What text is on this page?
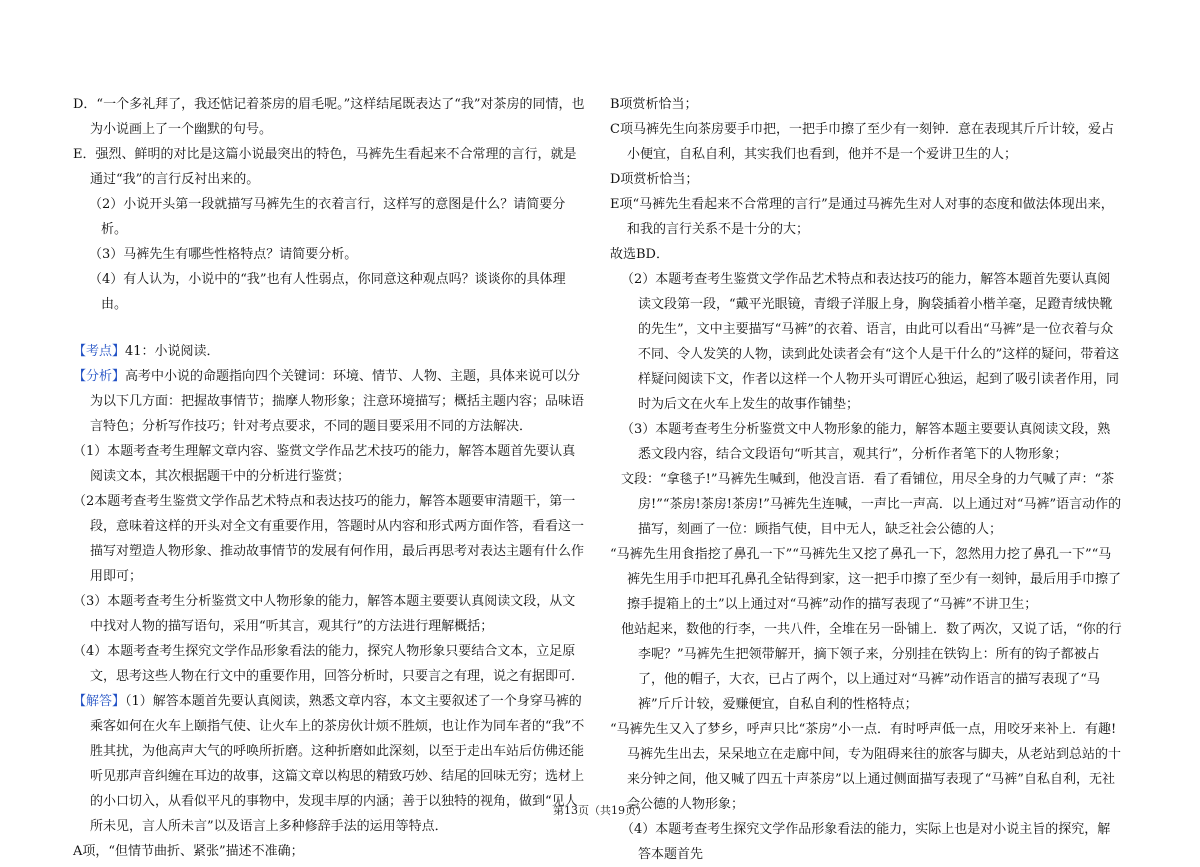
D．“一个多礼拜了，我还惦记着茶房的眉毛呢。”这样结尾既表达了“我”对茶房的同情，也为小说画上了一个幽默的句号。
E．强烈、鲜明的对比是这篇小说最突出的特色，马裤先生看起来不合常理的言行，就是通过“我”的言行反衬出来的。
（2）小说开头第一段就描写马裤先生的衣着言行，这样写的意图是什么？请简要分析。
（3）马裤先生有哪些性格特点？请简要分析。
（4）有人认为，小说中的“我”也有人性弱点，你同意这种观点吗？谈谈你的具体理由。
【考点】41：小说阅读．
【分析】高考中小说的命题指向四个关键词：环境、情节、人物、主题，具体来说可以分为以下几方面：把握故事情节；揣摩人物形象；注意环境描写；概括主题内容；品味语言特色；分析写作技巧；针对考点要求，不同的题目要采用不同的方法解决．
（1）本题考查考生理解文章内容、鉴赏文学作品艺术技巧的能力，解答本题首先要认真阅读文本，其次根据题干中的分析进行鉴赏；
（2本题考查考生鉴赏文学作品艺术特点和表达技巧的能力，解答本题要审清题干，第一段，意味着这样的开头对全文有重要作用，答题时从内容和形式两方面作答，看看这一描写对塑造人物形象、推动故事情节的发展有何作用，最后再思考对表达主题有什么作用即可；
（3）本题考查考生分析鉴赏文中人物形象的能力，解答本题主要要认真阅读文段，从文中找对人物的描写语句，采用“听其言，观其行”的方法进行理解概括；
（4）本题考查考生探究文学作品形象看法的能力，探究人物形象只要结合文本，立足原文，思考这些人物在行文中的重要作用，回答分析时，只要言之有理，说之有据即可．
【解答】（1）解答本题首先要认真阅读，熟悉文章内容，本文主要叙述了一个身穿马裤的乘客如何在火车上颐指气使、让火车上的茶房伙计烦不胜烦，也让作为同车者的“我”不胜其扰，为他高声大气的呼唤所折磨。这种折磨如此深刻，以至于走出车站后仿佛还能听见那声音纠缠在耳边的故事，这篇文章以构思的精致巧妙、结尾的回味无穷；选材上的小口切入，从看似平凡的事物中，发现丰厚的内涵；善于以独特的视角，做到“见人所未见，言人所未言”以及语言上多种修辞手法的运用等特点．
A项，“但情节曲折、紧张”描述不准确；
B项赏析恰当；
C项马裤先生向茶房要手巾把，一把手巾擦了至少有一刻钟．意在表现其斤斤计较，爱占小便宜，自私自利，其实我们也看到，他并不是一个爱讲卫生的人；
D项赏析恰当；
E项“马裤先生看起来不合常理的言行”是通过马裤先生对人对事的态度和做法体现出来，和我的言行关系不是十分的大；
故选BD．
（2）本题考查考生鉴赏文学作品艺术特点和表达技巧的能力，解答本题首先要认真阅读文段第一段，“戴平光眼镜，青缎子洋服上身，胸袋插着小楷羊毫，足蹬青绒快靴的先生”，文中主要描写“马裤”的衣着、语言，由此可以看出“马裤”是一位衣着与众不同、令人发笑的人物，读到此处读者会有“这个人是干什么的”这样的疑问，带着这样疑问阅读下文，作者以这样一个人物开头可谓匠心独运，起到了吸引读者作用，同时为后文在火车上发生的故事作铺垫；
（3）本题考查考生分析鉴赏文中人物形象的能力，解答本题主要要认真阅读文段，熟悉文段内容，结合文段语句“听其言，观其行”，分析作者笔下的人物形象；
文段：“拿毯子!”马裤先生喊到，他没言语．看了看铺位，用尽全身的力气喊了声：“茶房!”“茶房!茶房!茶房!”马裤先生连喊，一声比一声高．以上通过对“马裤”语言动作的描写，刻画了一位：顾指气使，目中无人，缺乏社会公德的人；
“马裤先生用食指挖了鼻孔一下”“马裤先生又挖了鼻孔一下，忽然用力挖了鼻孔一下”“马裤先生用手巾把耳孔鼻孔全钻得到家，这一把手巾擦了至少有一刻钟，最后用手巾擦了擦手提箱上的土”以上通过对“马裤”动作的描写表现了“马裤”不讲卫生；
他站起来，数他的行李，一共八件，全堆在另一卧铺上．数了两次，又说了话，“你的行李呢？”马裤先生把领带解开，摘下领子来，分别挂在铁钩上：所有的钩子都被占了，他的帽子，大衣，已占了两个，以上通过对“马裤”动作语言的描写表现了“马裤”斤斤计较，爱赚便宜，自私自利的性格特点；
“马裤先生又入了梦乡，呼声只比“茶房”小一点．有时呼声低一点，用咬牙来补上．有趣!马裤先生出去，呆呆地立在走廊中间，专为阻碍来往的旅客与脚夫，从老站到总站的十来分钟之间，他又喊了四五十声茶房”以上通过侧面描写表现了“马裤”自私自利，无社会公德的人物形象；
（4）本题考查考生探究文学作品形象看法的能力，实际上也是对小说主旨的探究，解答本题首先
第13页（共19页）
